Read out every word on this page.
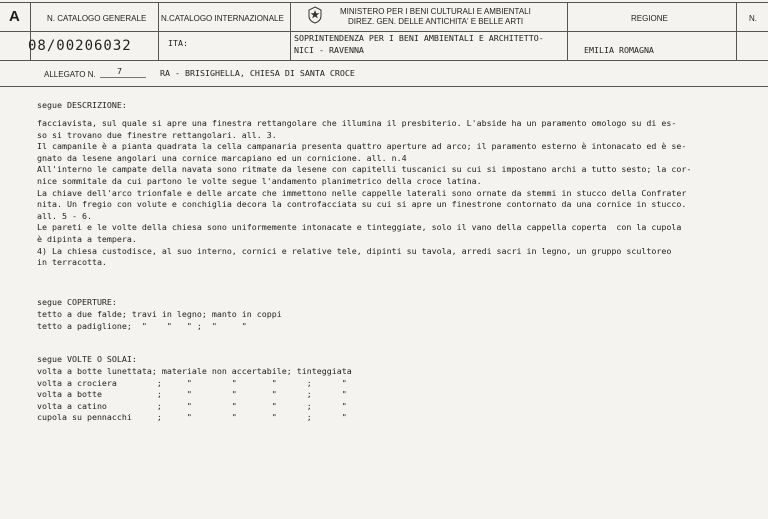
A	N. CATALOGO GENERALE N.CATALOGO INTERNAZIONALE
MINISTERO PER I BENI CULTURALI E AMBIENTALI
DIREZ. GEN. DELLE ANTICHITA' E BELLE ARTI	REGIONE	N.
08/00206032	ITA:	SOPRINTENDENZA PER I BENI AMBIENTALI E ARCHITETTO-
NICI - RAVENNA	EMILIA ROMAGNA
ALLEGATO N.	7	RA - BRISIGHELLA, CHIESA DI SANTA CROCE
segue DESCRIZIONE:
facciavista, sul quale si apre una finestra rettangolare che illumina il presbiterio. L'abside ha un paramento omologo su di es-
so si trovano due finestre rettangolari. all. 3.
Il campanile è a pianta quadrata la cella campanaria presenta quattro aperture ad arco; il paramento esterno è intonacato ed è se-
gnato da lesene angolari una cornice marcapiano ed un cornicione. all. n.4
All'interno le campate della navata sono ritmate da lesene con capitelli tuscanici su cui si impostano archi a tutto sesto; la cor-
nice sommitale da cui partono le volte segue l'andamento planimetrico della croce latina.
La chiave dell'arco trionfale e delle arcate che immettono nelle cappelle laterali sono ornate da stemmi in stucco della Confrater
nita. Un fregio con volute e conchiglia decora la controfacciata su cui si apre un finestrone contornato da una cornice in stucco.
all. 5 - 6.
Le pareti e le volte della chiesa sono uniformemente intonacate e tinteggiate, solo il vano della cappella coperta  con la cupola
è dipinta a tempera.
4) La chiesa custodisce, al suo interno, cornici e relative tele, dipinti su tavola, arredi sacri in legno, un gruppo scultoreo
in terracotta.
segue COPERTURE:
tetto a due falde; travi in legno; manto in coppi
tetto a padiglione;  "    "   " ;  "     "
segue VOLTE O SOLAI:
volta a botte lunettata; materiale non accertabile; tinteggiata
volta a crociera        ;     "        "       "      ;      "
volta a botte           ;     "        "       "      ;      "
volta a catino          ;     "        "       "      ;      "
cupola su pennacchi     ;     "        "       "      ;      "
